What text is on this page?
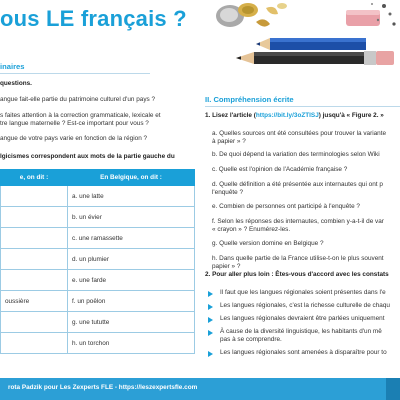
ous LE français ?
inaires
questions.
angue fait-elle partie du patrimoine culturel d'un pays ?
s faites attention à la correction grammaticale, lexicale et
tre langue maternelle ? Est-ce important pour vous ?
angue de votre pays varie en fonction de la région ?
lgicismes correspondent aux mots de la partie gauche du
e, on dit :	En Belgique, on dit :
	a. une latte
	b. un évier
	c. une ramassette
	d. un plumier
	e. une farde
oussière	f. un poêlon
	g. une tututte
	h. un torchon
II. Compréhension écrite
1. Lisez l'article (https://bit.ly/3oZTISJ) jusqu'à « Figure 2. »
a. Quelles sources ont été consultées pour trouver la variante
à papier » ?
b. De quoi dépend la variation des terminologies selon Wiki
c. Quelle est l'opinion de l'Académie française ?
d. Quelle définition a été présentée aux internautes qui ont p
l'enquête ?
e. Combien de personnes ont participé à l'enquête ?
f. Selon les réponses des internautes, combien y-a-t-il de var
« crayon » ? Enumérez-les.
g. Quelle version domine en Belgique ?
h. Dans quelle partie de la France utilise-t-on le plus souvent
papier » ?
2. Pour aller plus loin : Êtes-vous d'accord avec les constats
Il faut que les langues régionales soient présentes dans l'e
Les langues régionales, c'est la richesse culturelle de chaqu
Les langues régionales devraient être parlées uniquement
À cause de la diversité linguistique, les habitants d'un mê
pas à se comprendre.
Les langues régionales sont amenées à disparaître pour to
rota Padzik pour Les Zexperts FLE - https://leszexpertsfle.com
